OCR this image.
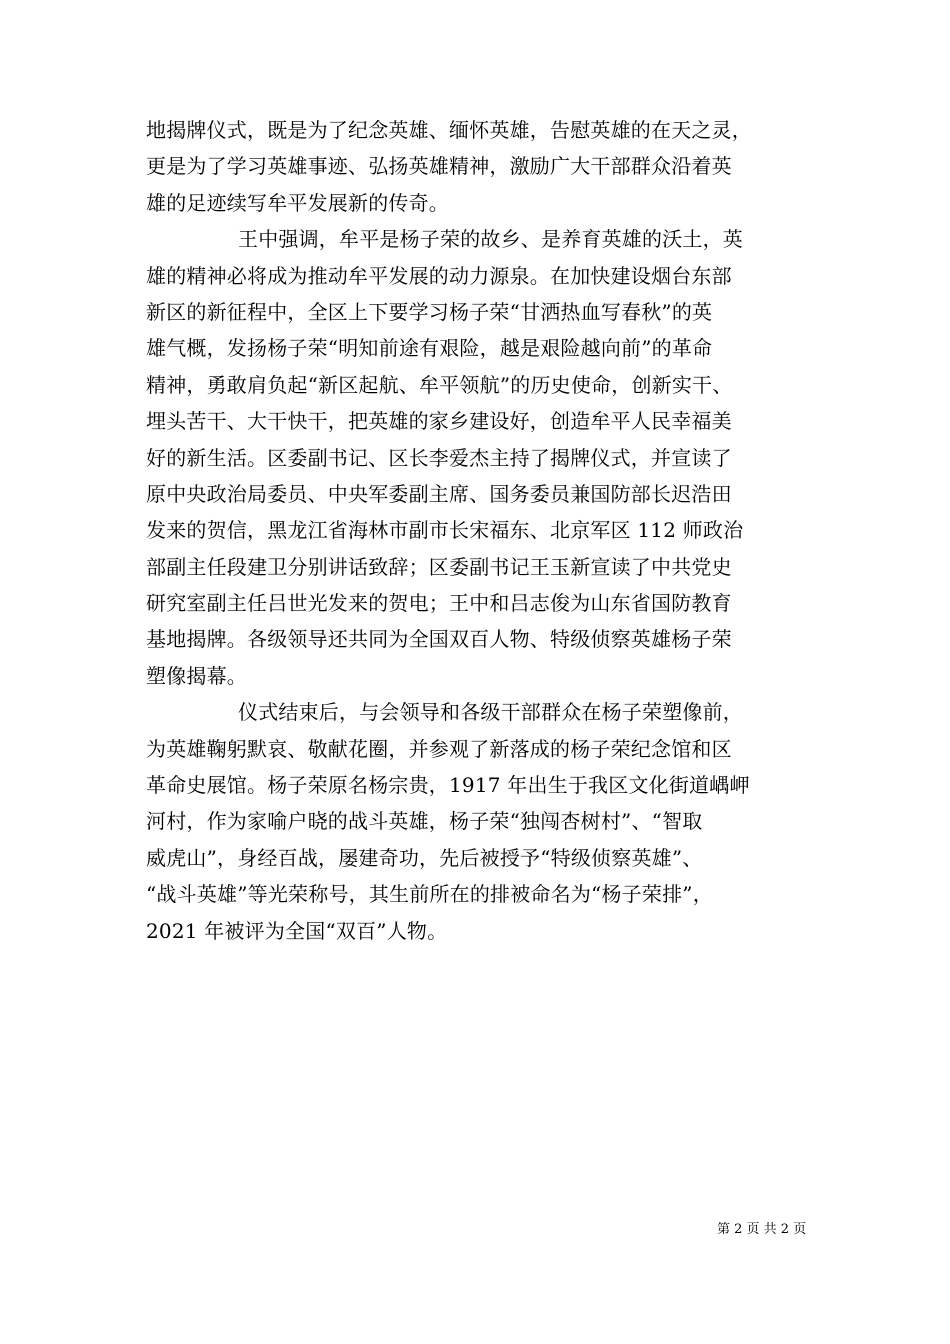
地揭牌仪式，既是为了纪念英雄、缅怀英雄，告慰英雄的在天之灵，
更是为了学习英雄事迹、弘扬英雄精神，激励广大干部群众沿着英
雄的足迹续写牟平发展新的传奇。
王中强调，牟平是杨子荣的故乡、是养育英雄的沃土，英
雄的精神必将成为推动牟平发展的动力源泉。在加快建设烟台东部
新区的新征程中，全区上下要学习杨子荣“甘洒热血写春秋”的英
雄气概，发扬杨子荣“明知前途有艰险，越是艰险越向前”的革命
精神，勇敢肩负起“新区起航、牟平领航”的历史使命，创新实干、
埋头苦干、大干快干，把英雄的家乡建设好，创造牟平人民幸福美
好的新生活。区委副书记、区长李爱杰主持了揭牌仪式，并宣读了
原中央政治局委员、中央军委副主席、国务委员兼国防部长迟浩田
发来的贺信，黑龙江省海林市副市长宋福东、北京军区 112 师政治
部副主任段建卫分别讲话致辞；区委副书记王玉新宣读了中共党史
研究室副主任吕世光发来的贺电；王中和吕志俊为山东省国防教育
基地揭牌。各级领导还共同为全国双百人物、特级侦察英雄杨子荣
塑像揭幕。
仪式结束后，与会领导和各级干部群众在杨子荣塑像前，
为英雄鞠躬默哀、敬献花圈，并参观了新落成的杨子荣纪念馆和区
革命史展馆。杨子荣原名杨宗贵，1917 年出生于我区文化街道嵎岬
河村，作为家喻户晓的战斗英雄，杨子荣“独闯杏树村”、“智取
威虎山”，身经百战，屡建奇功，先后被授予“特级侦察英雄”、
“战斗英雄”等光荣称号，其生前所在的排被命名为“杨子荣排”，
2021 年被评为全国“双百”人物。
第 2 页 共 2 页
